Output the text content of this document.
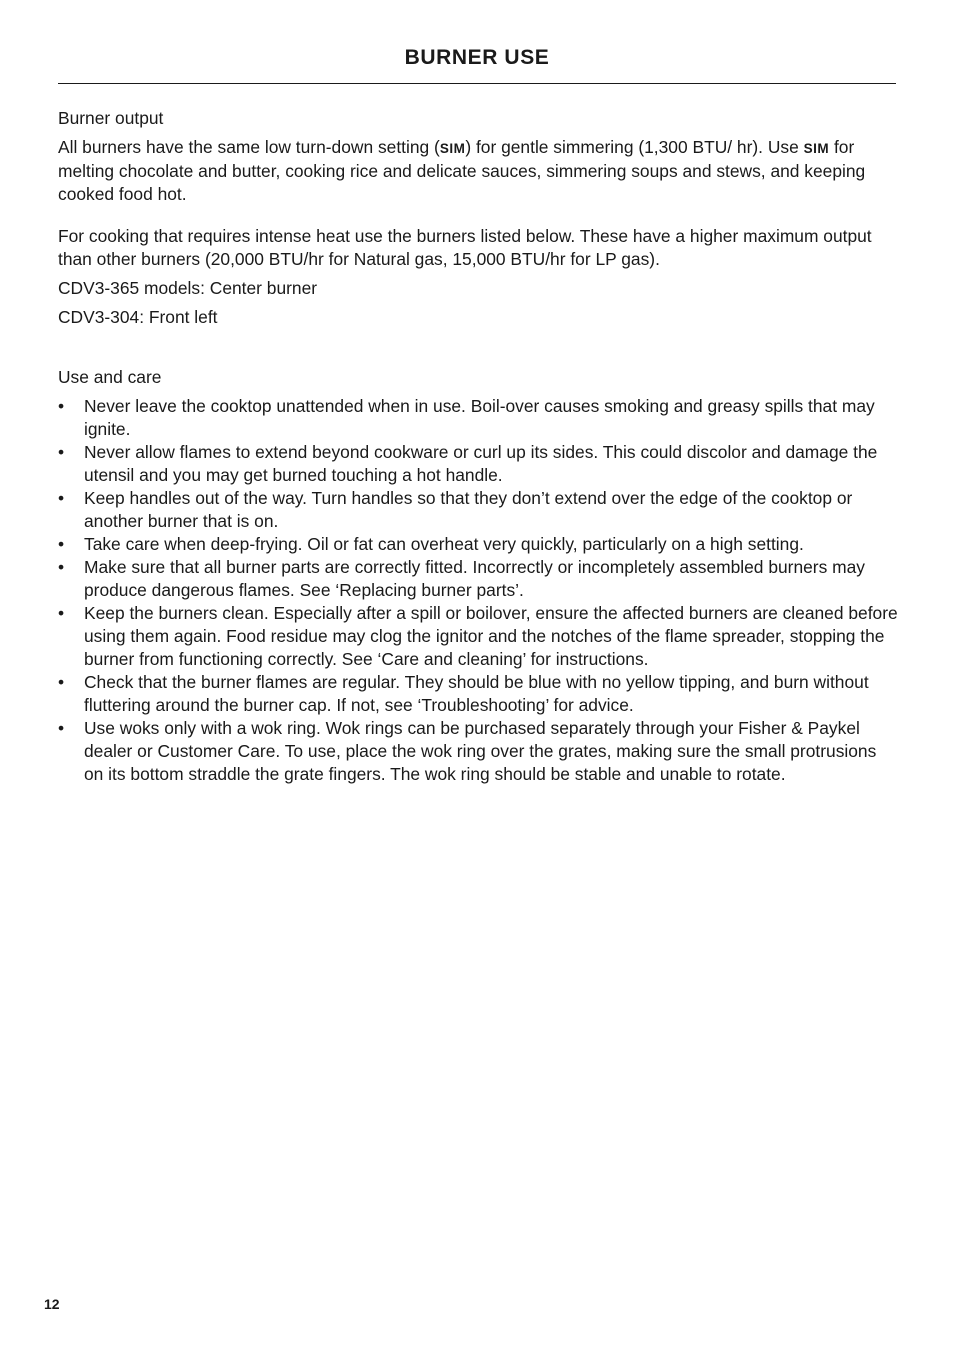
BURNER USE
Burner output

All burners have the same low turn-down setting (SIM) for gentle simmering (1,300 BTU/ hr). Use SIM for melting chocolate and butter, cooking rice and delicate sauces, simmering soups and stews, and keeping cooked food hot.

For cooking that requires intense heat use the burners listed below. These have a higher maximum output than other burners (20,000 BTU/hr for Natural gas, 15,000 BTU/hr for LP gas).

CDV3-365 models: Center burner

CDV3-304: Front left

Use and care
• Never leave the cooktop unattended when in use. Boil-over causes smoking and greasy spills that may ignite.
• Never allow flames to extend beyond cookware or curl up its sides. This could discolor and damage the utensil and you may get burned touching a hot handle.
• Keep handles out of the way. Turn handles so that they don’t extend over the edge of the cooktop or another burner that is on.
• Take care when deep-frying. Oil or fat can overheat very quickly, particularly on a high setting.
• Make sure that all burner parts are correctly fitted. Incorrectly or incompletely assembled burners may produce dangerous flames. See ‘Replacing burner parts’.
• Keep the burners clean. Especially after a spill or boilover, ensure the affected burners are cleaned before using them again. Food residue may clog the ignitor and the notches of the flame spreader, stopping the burner from functioning correctly. See ‘Care and cleaning’ for instructions.
• Check that the burner flames are regular. They should be blue with no yellow tipping, and burn without fluttering around the burner cap. If not, see ‘Troubleshooting’ for advice.
• Use woks only with a wok ring. Wok rings can be purchased separately through your Fisher & Paykel dealer or Customer Care. To use, place the wok ring over the grates, making sure the small protrusions on its bottom straddle the grate fingers. The wok ring should be stable and unable to rotate.
12
